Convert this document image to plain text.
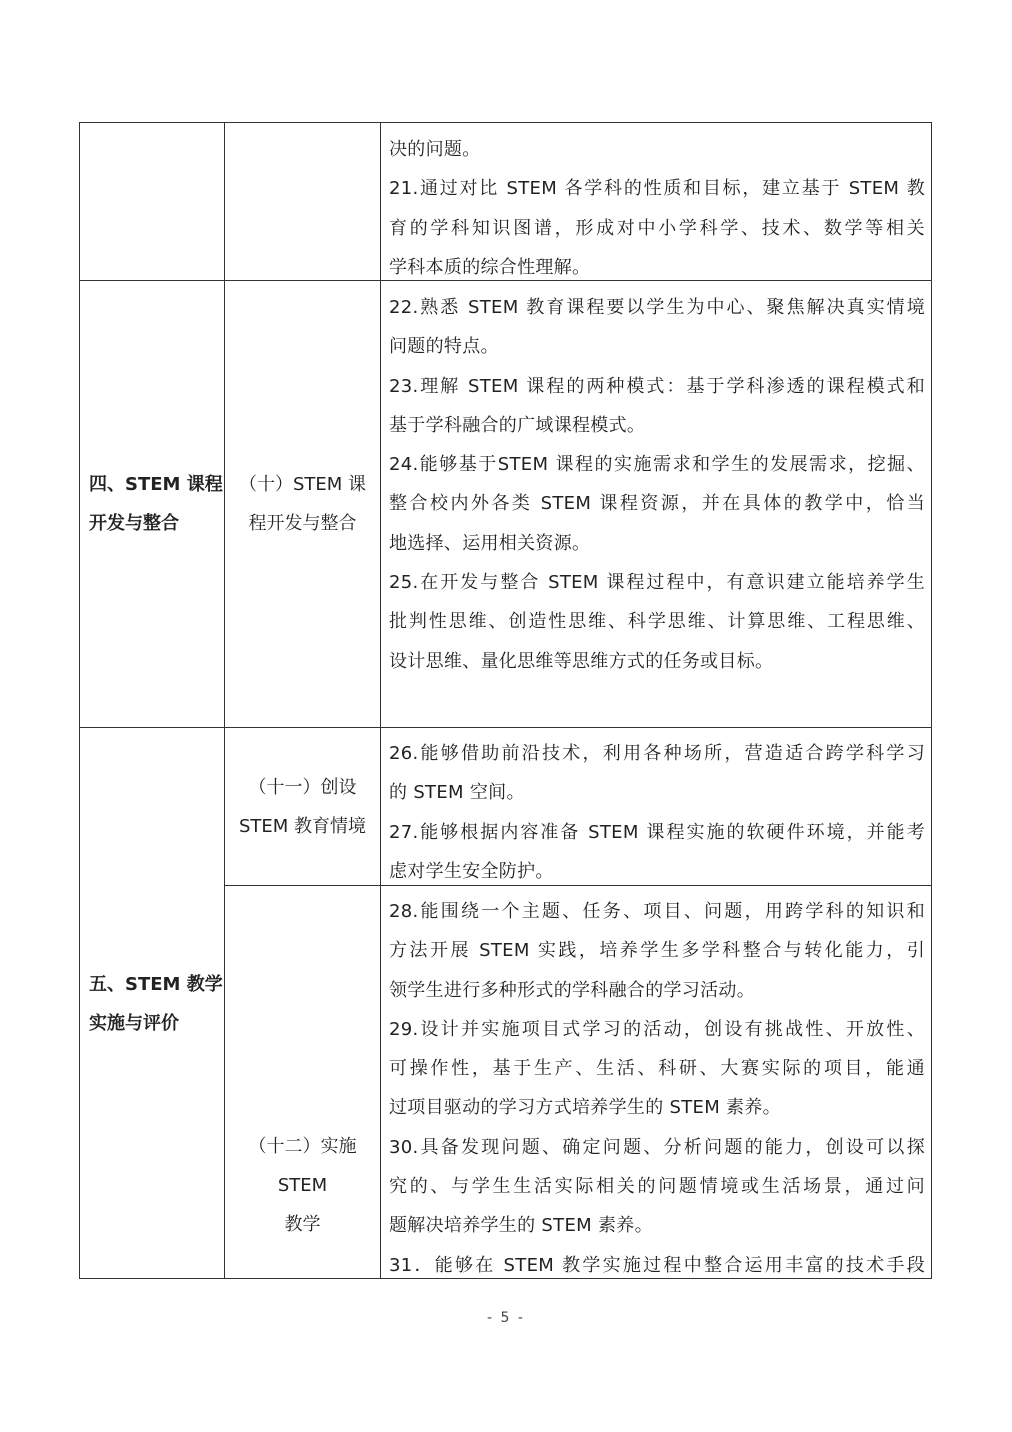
决的问题。
21.通过对比 STEM 各学科的性质和目标，建立基于 STEM 教
育的学科知识图谱，形成对中小学科学、技术、数学等相关
学科本质的综合性理解。
四、STEM 课程
开发与整合
（十）STEM 课
程开发与整合
22.熟悉 STEM 教育课程要以学生为中心、聚焦解决真实情境
问题的特点。
23.理解 STEM 课程的两种模式：基于学科渗透的课程模式和
基于学科融合的广域课程模式。
24.能够基于STEM 课程的实施需求和学生的发展需求，挖掘、
整合校内外各类 STEM 课程资源，并在具体的教学中，恰当
地选择、运用相关资源。
25.在开发与整合 STEM 课程过程中，有意识建立能培养学生
批判性思维、创造性思维、科学思维、计算思维、工程思维、
设计思维、量化思维等思维方式的任务或目标。
五、STEM 教学
实施与评价
（十一）创设
STEM 教育情境
26.能够借助前沿技术，利用各种场所，营造适合跨学科学习
的 STEM 空间。
27.能够根据内容准备 STEM 课程实施的软硬件环境，并能考
虑对学生安全防护。
（十二）实施
STEM
教学
28.能围绕一个主题、任务、项目、问题，用跨学科的知识和
方法开展 STEM 实践，培养学生多学科整合与转化能力，引
领学生进行多种形式的学科融合的学习活动。
29.设计并实施项目式学习的活动，创设有挑战性、开放性、
可操作性，基于生产、生活、科研、大赛实际的项目，能通
过项目驱动的学习方式培养学生的 STEM 素养。
30.具备发现问题、确定问题、分析问题的能力，创设可以探
究的、与学生生活实际相关的问题情境或生活场景，通过问
题解决培养学生的 STEM 素养。
31．能够在 STEM 教学实施过程中整合运用丰富的技术手段
- 5 -
